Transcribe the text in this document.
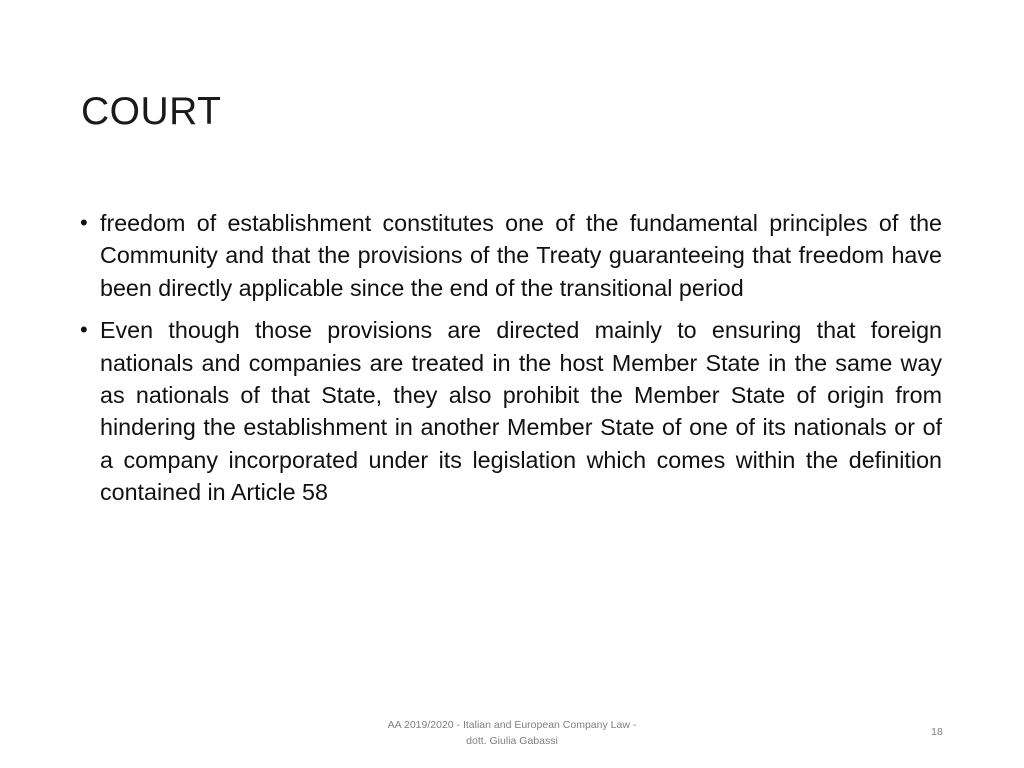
COURT
• freedom of establishment constitutes one of the fundamental principles of the Community and that the provisions of the Treaty guaranteeing that freedom have been directly applicable since the end of the transitional period
• Even though those provisions are directed mainly to ensuring that foreign nationals and companies are treated in the host Member State in the same way as nationals of that State, they also prohibit the Member State of origin from hindering the establishment in another Member State of one of its nationals or of a company incorporated under its legislation which comes within the definition contained in Article 58
AA 2019/2020 - Italian and European Company Law -
dott. Giulia Gabassi
18
